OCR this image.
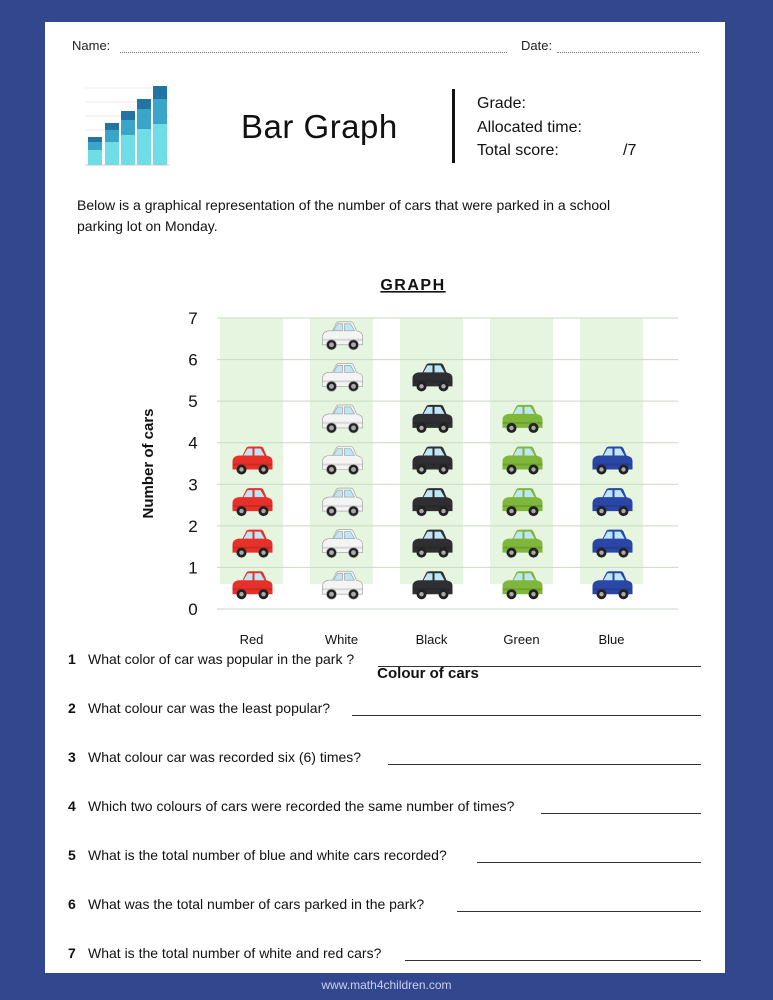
Name:	Date:
Bar Graph
Grade:
Allocated time:
Total score:	/7
Below is a graphical representation of the number of cars that were parked in a school parking lot on Monday.
GRAPH
0
1
2
3
4
5
6
7
Red	White	Black	Green	Blue
Colour of cars
Number of cars
1 What color of car was popular in the park ?
2 What colour car was the least popular?
3 What colour car was recorded six (6) times?
4 Which two colours of cars were recorded the same number of times?
5 What is the total number of blue and white cars recorded?
6 What was the total number of cars parked in the park?
7 What is the total number of white and red cars?
www.math4children.com
